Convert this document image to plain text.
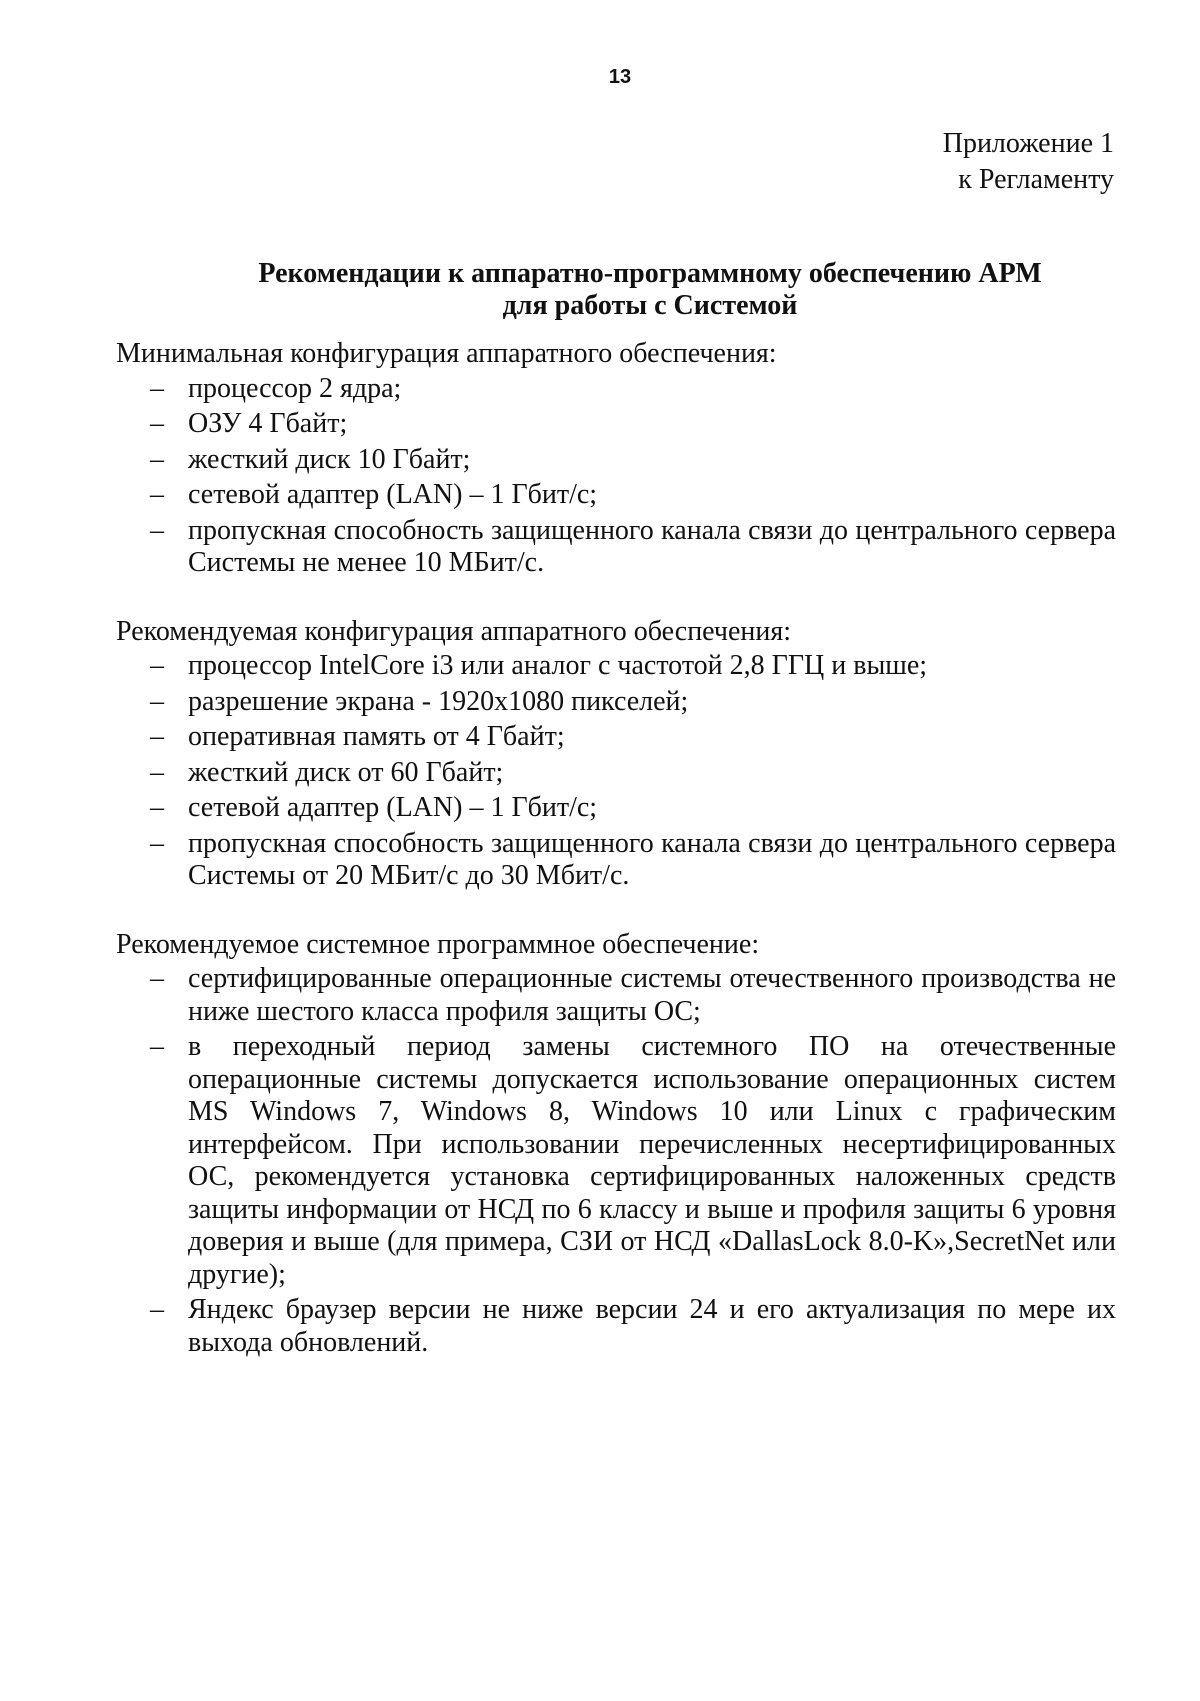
13
Приложение 1
к Регламенту
Рекомендации к аппаратно-программному обеспечению АРМ
для работы с Системой

Минимальная конфигурация аппаратного обеспечения:

– процессор 2 ядра;
– ОЗУ 4 Гбайт;
– жесткий диск 10 Гбайт;
– сетевой адаптер (LAN) – 1 Гбит/с;
– пропускная способность защищенного канала связи до центрального сервера Системы не менее 10 МБит/с.

Рекомендуемая конфигурация аппаратного обеспечения:

– процессор IntelCore i3 или аналог с частотой 2,8 ГГЦ и выше;
– разрешение экрана - 1920x1080 пикселей;
– оперативная память от 4 Гбайт;
– жесткий диск от 60 Гбайт;
– сетевой адаптер (LAN) – 1 Гбит/с;
– пропускная способность защищенного канала связи до центрального сервера Системы от 20 МБит/с до 30 Мбит/с.

Рекомендуемое системное программное обеспечение:

– сертифицированные операционные системы отечественного производства не ниже шестого класса профиля защиты ОС;
– в переходный период замены системного ПО на отечественные операционные системы допускается использование операционных систем MS Windows 7, Windows 8, Windows 10 или Linux с графическим интерфейсом. При использовании перечисленных несертифицированных ОС, рекомендуется установка сертифицированных наложенных средств защиты информации от НСД по 6 классу и выше и профиля защиты 6 уровня доверия и выше (для примера, СЗИ от НСД «DallasLock 8.0-K»,SecretNet или другие);
– Яндекс браузер версии не ниже версии 24 и его актуализация по мере их выхода обновлений.
